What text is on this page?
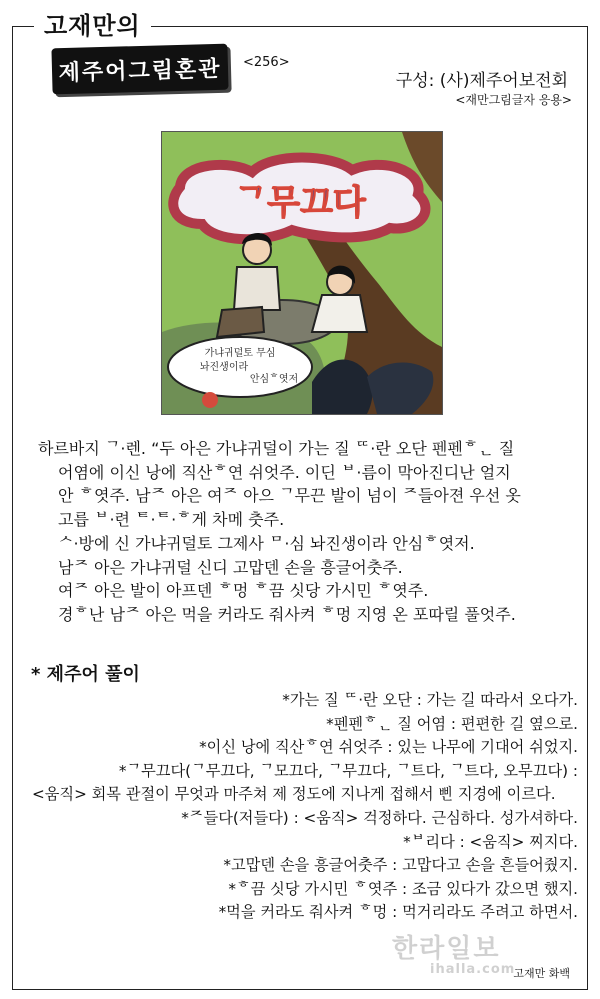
고재만의
제주어그림혼관	<256>
구성: (사)제주어보전회
<재만그림글자 응용>
ᄀ무끄다
가냐귀덜토 무심
놔진생이라
안심ᄒ엿저
하르바지 ᄀ·렌. “두 아은 가냐귀덜이 가는 질 ᄄ·란 오단 펜펜ᄒᆫ 질
어염에 이신 낭에 직산ᄒ연 쉬엇주. 이딘 ᄇ·름이 막아진디난 얼지
안 ᄒ엿주. 남ᄌ 아은 여ᄌ 아으 ᄀ무끈 발이 넘이 ᄌ들아젼 우선 옷
고릅 ᄇ·련 ᄐ·ᄐ·ᄒ게 차메 춧주.
ᄉ·방에 신 가냐귀덜토 그제사 ᄆ·심 놔진생이라 안심ᄒ엿저.
남ᄌ 아은 가냐귀덜 신디 고맙덴 손을 흥글어춧주.
여ᄌ 아은 발이 아프덴 ᄒ멍 ᄒ끔 싯당 가시민 ᄒ엿주.
경ᄒ난 남ᄌ 아은 먹을 커라도 줘사켜 ᄒ멍 지영 온 포따릴 풀엇주.
* 제주어 풀이
*가는 질 ᄄ·란 오단 : 가는 길 따라서 오다가.
*펜펜ᄒᆫ 질 어염 : 편편한 길 옆으로.
*이신 낭에 직산ᄒ연 쉬엇주 : 있는 나무에 기대어 쉬었지.
*ᄀ무끄다(ᄀ무끄다, ᄀ모끄다, ᄀ무끄다, ᄀ트다, ᄀ트다, 오무끄다) :
<움직> 회목 관절이 무엇과 마주쳐 제 정도에 지나게 접해서 삔 지경에 이르다.
*ᄌ들다(저들다) : <움직> 걱정하다. 근심하다. 성가셔하다.
*ᄇ리다 : <움직> 찌지다.
*고맙덴 손을 흥글어춧주 : 고맙다고 손을 흔들어줬지.
*ᄒ끔 싯당 가시민 ᄒ엿주 : 조금 있다가 갔으면 했지.
*먹을 커라도 줘사켜 ᄒ멍 : 먹거리라도 주려고 하면서.
한라일보
ihalla.com
고재만 화백
